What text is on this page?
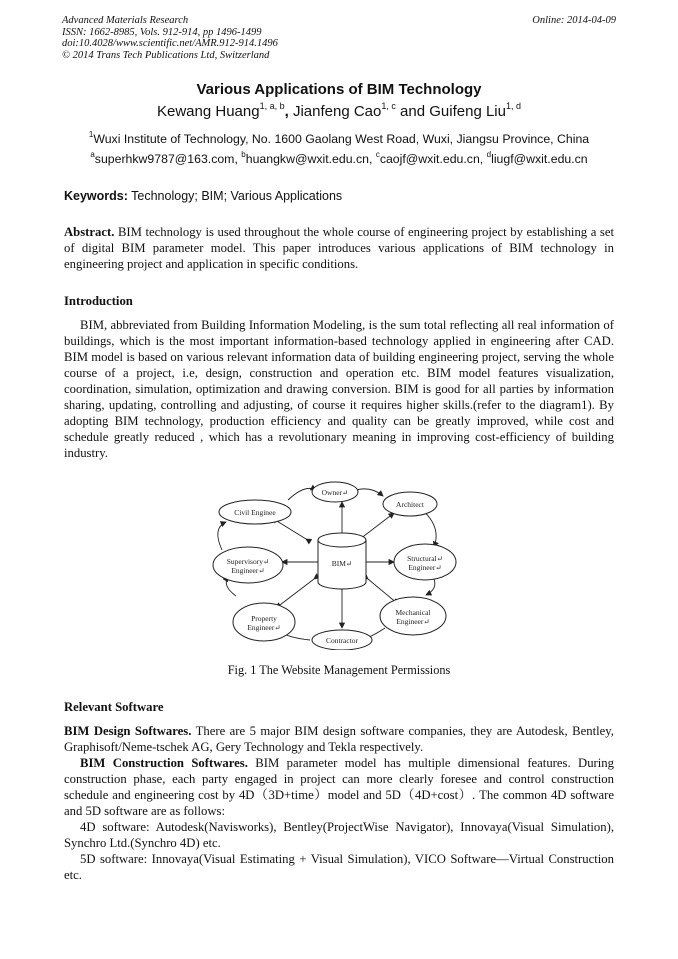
Advanced Materials Research
ISSN: 1662-8985, Vols. 912-914, pp 1496-1499
doi:10.4028/www.scientific.net/AMR.912-914.1496
© 2014 Trans Tech Publications Ltd, Switzerland
Online: 2014-04-09
Various Applications of BIM Technology
Kewang Huang$^{1, a, b}$, Jianfeng Cao$^{1, c}$ and Guifeng Liu$^{1, d}$
$^1$Wuxi Institute of Technology, No. 1600 Gaolang West Road, Wuxi, Jiangsu Province, China
$^a$superhkw9787@163.com, $^b$huangkw@wxit.edu.cn, $^c$caojf@wxit.edu.cn, $^d$liugf@wxit.edu.cn
Keywords: Technology; BIM; Various Applications

Abstract. BIM technology is used throughout the whole course of engineering project by establishing a set of digital BIM parameter model. This paper introduces various applications of BIM technology in engineering project and application in specific conditions.

Introduction

BIM, abbreviated from Building Information Modeling, is the sum total reflecting all real information of buildings, which is the most important information-based technology applied in engineering after CAD. BIM model is based on various relevant information data of building engineering project, serving the whole course of a project, i.e, design, construction and operation etc. BIM model features visualization, coordination, simulation, optimization and drawing conversion. BIM is good for all parties by information sharing, updating, controlling and adjusting, of course it requires higher skills.(refer to the diagram1). By adopting BIM technology, production efficiency and quality can be greatly improved, while cost and schedule greatly reduced , which has a revolutionary meaning in improving cost-efficiency of building industry.

Owner↵
Architect
Civil Enginee
Supervisory↵
Engineer↵
BIM↵
Structural↵
Engineer↵
Property
Engineer↵
Mechanical
Engineer↵
Contractor
Fig. 1 The Website Management Permissions
Relevant Software

BIM Design Softwares. There are 5 major BIM design software companies, they are Autodesk, Bentley, Graphisoft/Neme-tschek AG, Gery Technology and Tekla respectively.

BIM Construction Softwares. BIM parameter model has multiple dimensional features. During construction phase, each party engaged in project can more clearly foresee and control construction schedule and engineering cost by 4D（3D+time）model and 5D（4D+cost）. The common 4D software and 5D software are as follows:

4D software: Autodesk(Navisworks), Bentley(ProjectWise Navigator), Innovaya(Visual Simulation), Synchro Ltd.(Synchro 4D) etc.

5D software: Innovaya(Visual Estimating + Visual Simulation), VICO Software—Virtual Construction etc.
